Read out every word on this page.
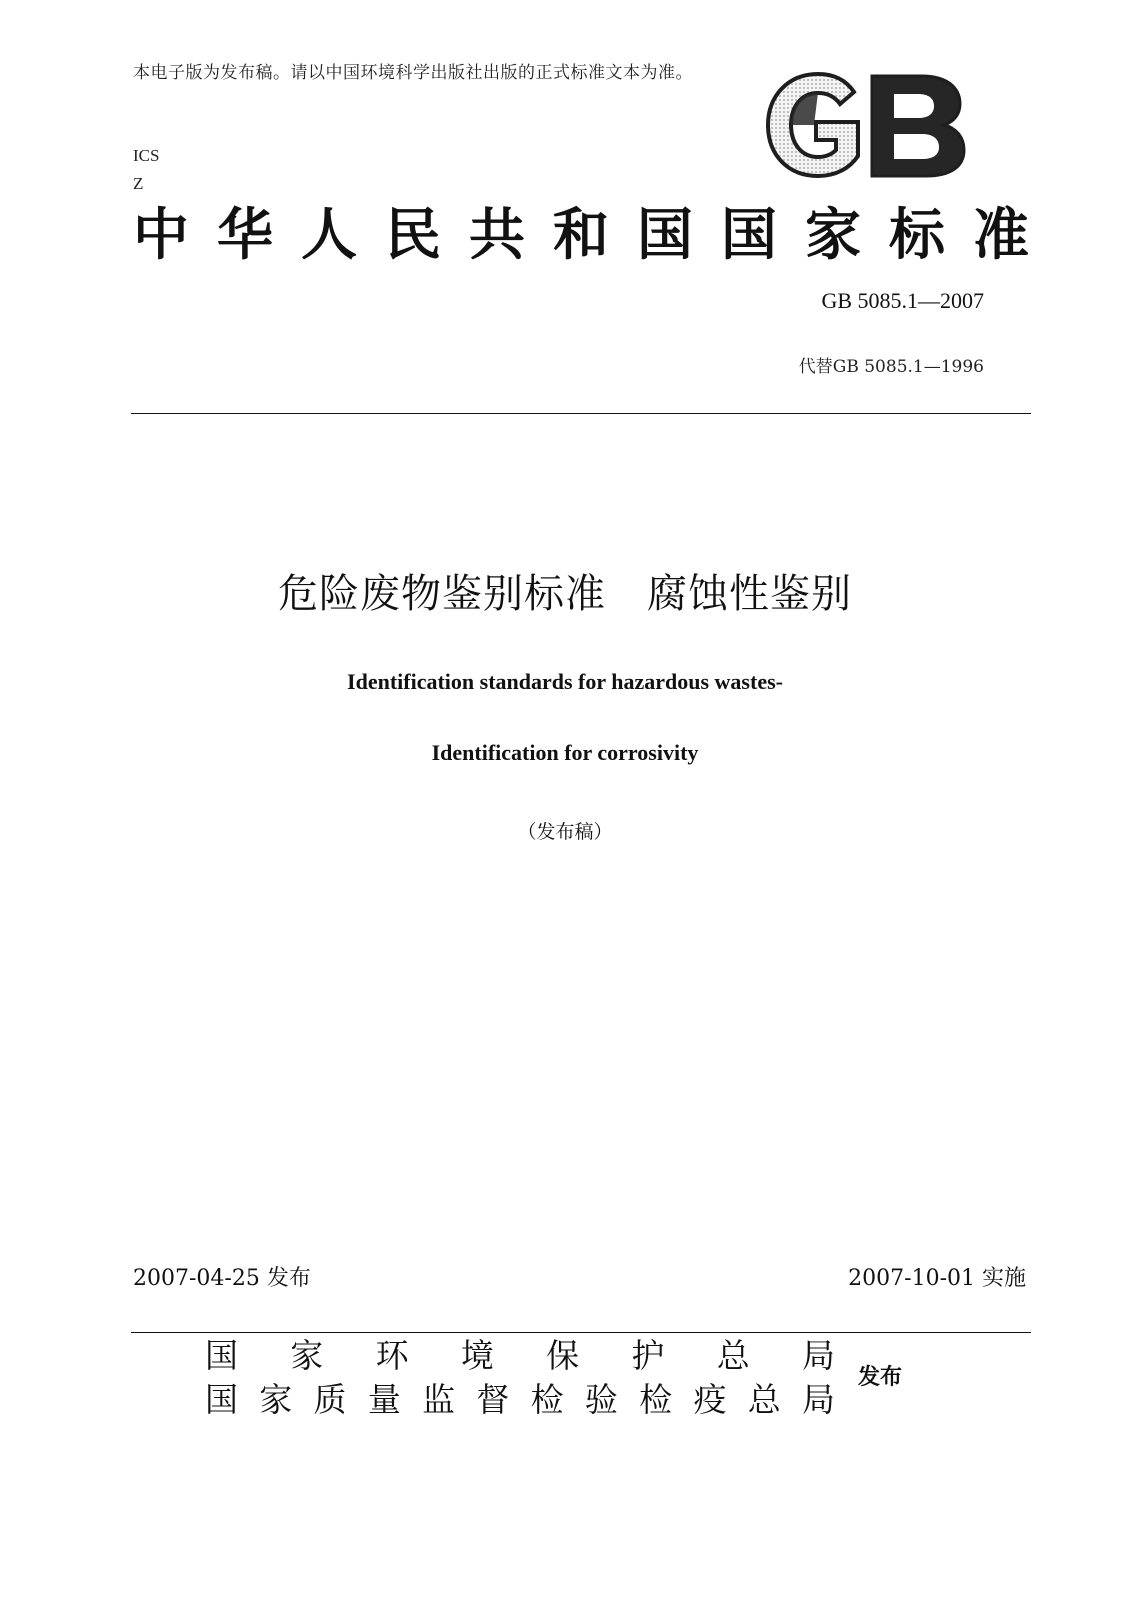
本电子版为发布稿。请以中国环境科学出版社出版的正式标准文本为准。
ICS
Z
中华人民共和国国家标准
GB 5085.1—2007
代替GB 5085.1—1996
危险废物鉴别标准　腐蚀性鉴别
Identification standards for hazardous wastes-
Identification for corrosivity
（发布稿）
2007-04-25 发布	2007-10-01 实施
国家环境保护总局
国家质量监督检验检疫总局
发布
